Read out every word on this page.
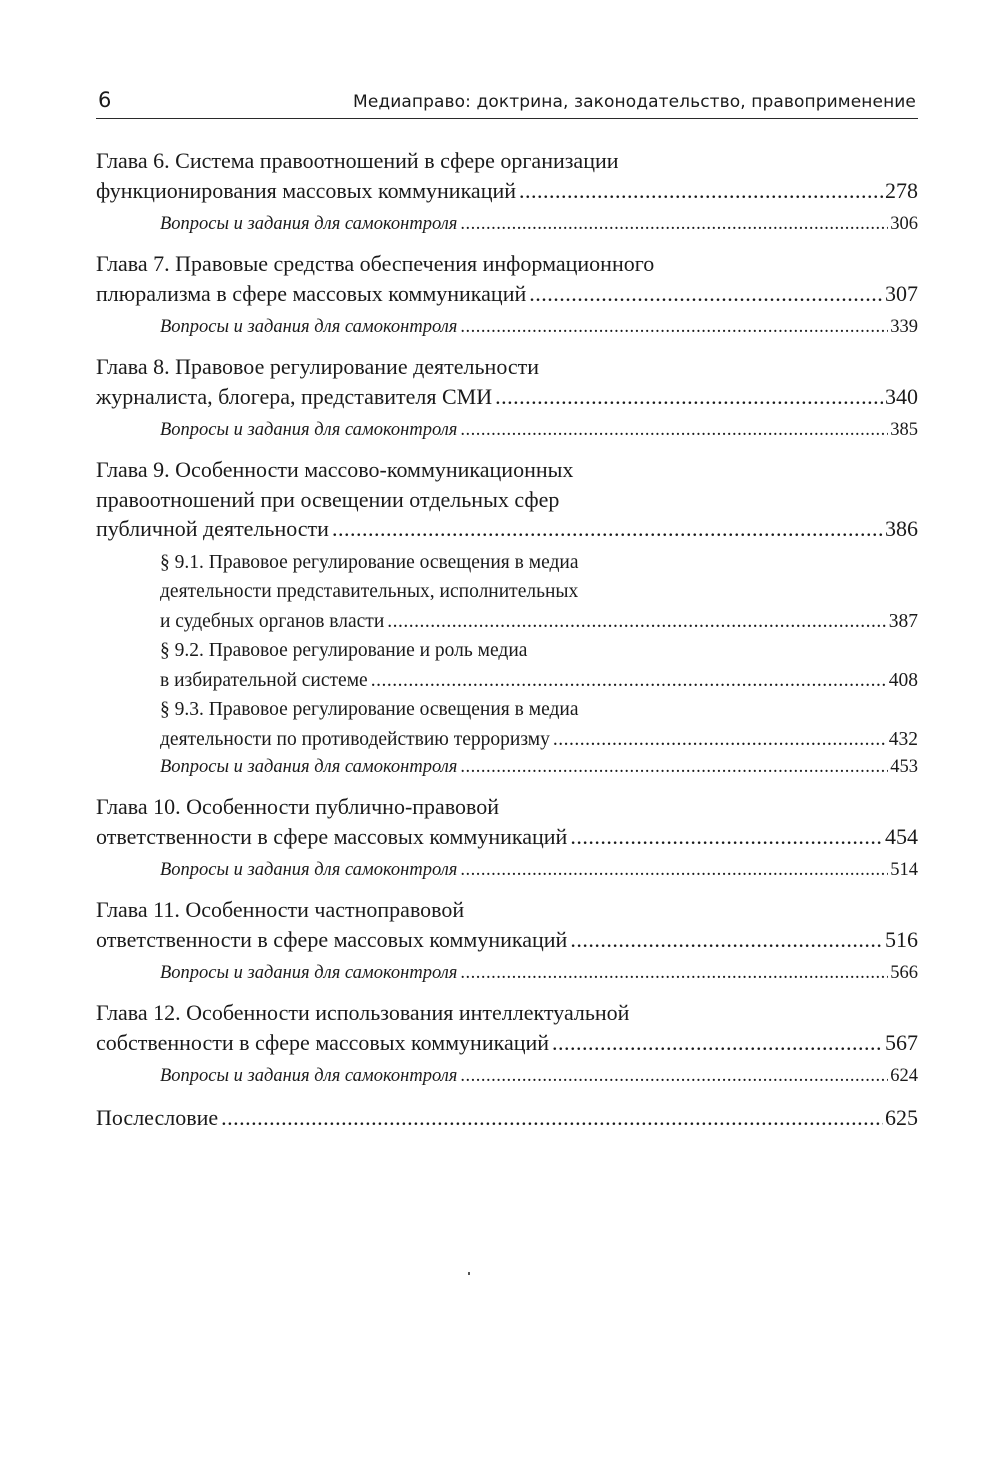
6	Медиаправо: доктрина, законодательство, правоприменение
Глава 6. Система правоотношений в сфере организации
функционирования массовых коммуникаций .....	278
Вопросы и задания для самоконтроля .....	306
Глава 7. Правовые средства обеспечения информационного
плюрализма в сфере массовых коммуникаций .....	307
Вопросы и задания для самоконтроля .....	339
Глава 8. Правовое регулирование деятельности
журналиста, блогера, представителя СМИ .....	340
Вопросы и задания для самоконтроля .....	385
Глава 9. Особенности массово-коммуникационных
правоотношений при освещении отдельных сфер
публичной деятельности .....	386
§ 9.1. Правовое регулирование освещения в медиа
деятельности представительных, исполнительных
и судебных органов власти .....	387
§ 9.2. Правовое регулирование и роль медиа
в избирательной системе .....	408
§ 9.3. Правовое регулирование освещения в медиа
деятельности по противодействию терроризму .....	432
Вопросы и задания для самоконтроля .....	453
Глава 10. Особенности публично-правовой
ответственности в сфере массовых коммуникаций .....	454
Вопросы и задания для самоконтроля .....	514
Глава 11. Особенности частноправовой
ответственности в сфере массовых коммуникаций .....	516
Вопросы и задания для самоконтроля .....	566
Глава 12. Особенности использования интеллектуальной
собственности в сфере массовых коммуникаций .....	567
Вопросы и задания для самоконтроля .....	624
Послесловие .....	625
